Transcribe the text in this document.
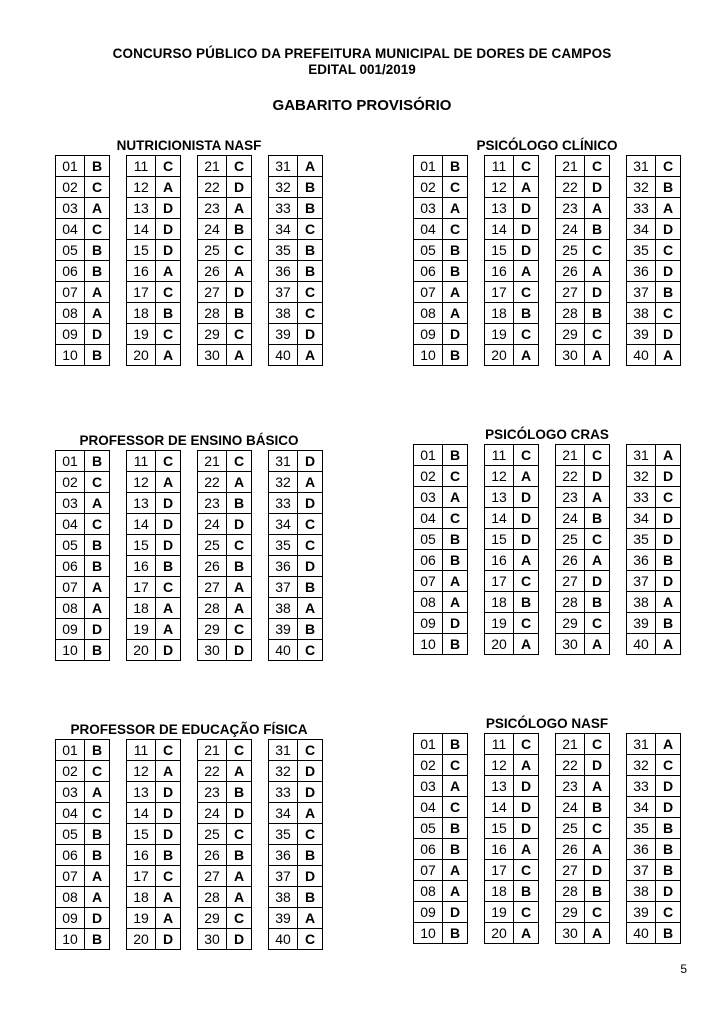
CONCURSO PÚBLICO DA PREFEITURA MUNICIPAL DE DORES DE CAMPOS
EDITAL 001/2019
GABARITO PROVISÓRIO
NUTRICIONISTA NASF
01	B
02	C
03	A
04	C
05	B
06	B
07	A
08	A
09	D
10	B
11	C
12	A
13	D
14	D
15	D
16	A
17	C
18	B
19	C
20	A
21	C
22	D
23	A
24	B
25	C
26	A
27	D
28	B
29	C
30	A
31	A
32	B
33	B
34	C
35	B
36	B
37	C
38	C
39	D
40	A
PSICÓLOGO CLÍNICO
01	B
02	C
03	A
04	C
05	B
06	B
07	A
08	A
09	D
10	B
11	C
12	A
13	D
14	D
15	D
16	A
17	C
18	B
19	C
20	A
21	C
22	D
23	A
24	B
25	C
26	A
27	D
28	B
29	C
30	A
31	C
32	B
33	A
34	D
35	C
36	D
37	B
38	C
39	D
40	A
PROFESSOR DE ENSINO BÁSICO
01	B
02	C
03	A
04	C
05	B
06	B
07	A
08	A
09	D
10	B
11	C
12	A
13	D
14	D
15	D
16	B
17	C
18	A
19	A
20	D
21	C
22	A
23	B
24	D
25	C
26	B
27	A
28	A
29	C
30	D
31	D
32	A
33	D
34	C
35	C
36	D
37	B
38	A
39	B
40	C
PSICÓLOGO CRAS
01	B
02	C
03	A
04	C
05	B
06	B
07	A
08	A
09	D
10	B
11	C
12	A
13	D
14	D
15	D
16	A
17	C
18	B
19	C
20	A
21	C
22	D
23	A
24	B
25	C
26	A
27	D
28	B
29	C
30	A
31	A
32	D
33	C
34	D
35	D
36	B
37	D
38	A
39	B
40	A
PROFESSOR DE EDUCAÇÃO FÍSICA
01	B
02	C
03	A
04	C
05	B
06	B
07	A
08	A
09	D
10	B
11	C
12	A
13	D
14	D
15	D
16	B
17	C
18	A
19	A
20	D
21	C
22	A
23	B
24	D
25	C
26	B
27	A
28	A
29	C
30	D
31	C
32	D
33	D
34	A
35	C
36	B
37	D
38	B
39	A
40	C
PSICÓLOGO NASF
01	B
02	C
03	A
04	C
05	B
06	B
07	A
08	A
09	D
10	B
11	C
12	A
13	D
14	D
15	D
16	A
17	C
18	B
19	C
20	A
21	C
22	D
23	A
24	B
25	C
26	A
27	D
28	B
29	C
30	A
31	A
32	C
33	D
34	D
35	B
36	B
37	B
38	D
39	C
40	B
5
